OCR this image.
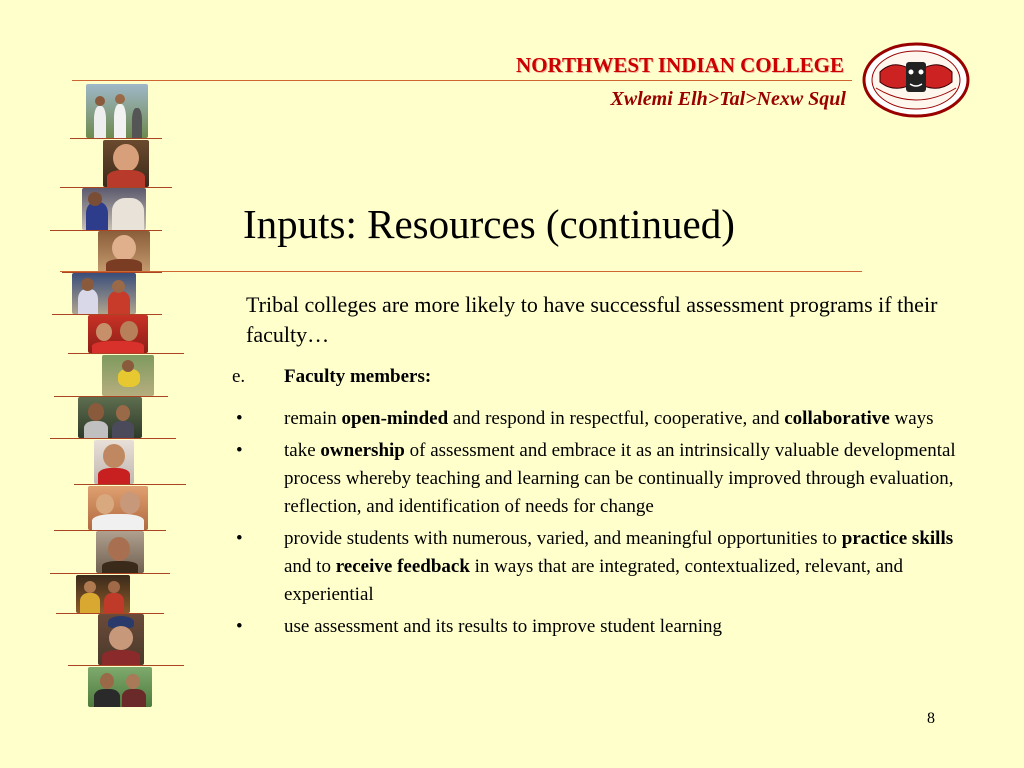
NORTHWEST INDIAN COLLEGE
Xwlemi Elh>Tal>Nexw Squl
Inputs: Resources (continued)
Tribal colleges are more likely to have successful assessment programs if their faculty…
e. Faculty members:
• remain open-minded and respond in respectful, cooperative, and collaborative ways
• take ownership of assessment and embrace it as an intrinsically valuable developmental process whereby teaching and learning can be continually improved through evaluation, reflection, and identification of needs for change
• provide students with numerous, varied, and meaningful opportunities to practice skills and to receive feedback in ways that are integrated, contextualized, relevant, and experiential
• use assessment and its results to improve student learning
8
